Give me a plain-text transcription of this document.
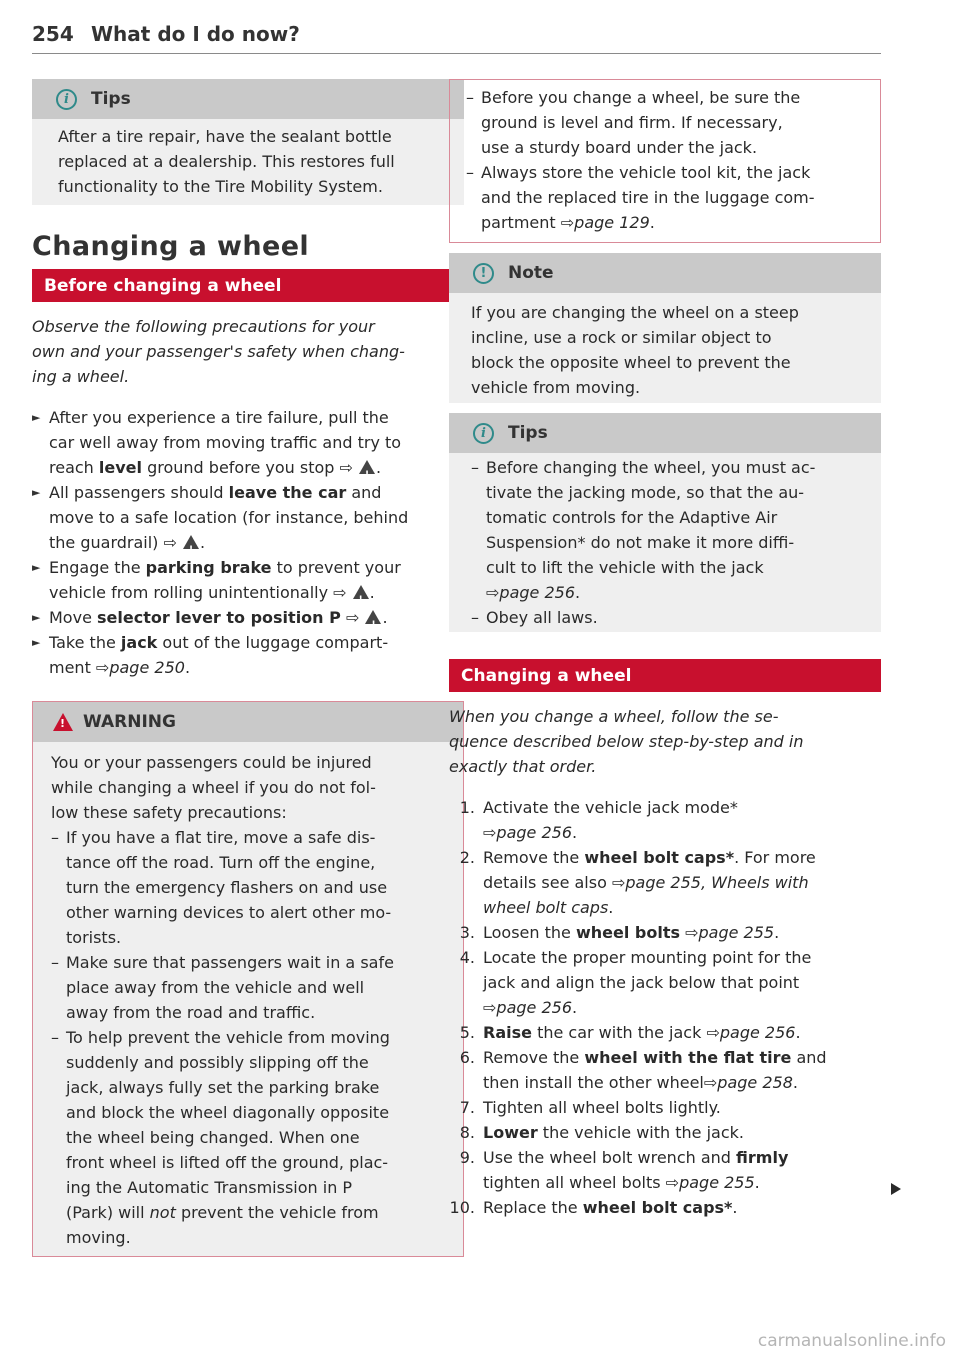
254 What do I do now?
i	Tips
After a tire repair, have the sealant bottle
replaced at a dealership. This restores full
functionality to the Tire Mobility System.
Changing a wheel
Before changing a wheel
Observe the following precautions for your
own and your passenger's safety when chang-
ing a wheel.
► After you experience a tire failure, pull the
car well away from moving traffic and try to
reach level ground before you stop ⇨ !.
► All passengers should leave the car and
move to a safe location (for instance, behind
the guardrail) ⇨ !.
► Engage the parking brake to prevent your
vehicle from rolling unintentionally ⇨ !.
► Move selector lever to position P ⇨ !.
► Take the jack out of the luggage compart-
ment ⇨page 250.
!
WARNING
You or your passengers could be injured
while changing a wheel if you do not fol-
low these safety precautions:
– If you have a flat tire, move a safe dis-
tance off the road. Turn off the engine,
turn the emergency flashers on and use
other warning devices to alert other mo-
torists.
– Make sure that passengers wait in a safe
place away from the vehicle and well
away from the road and traffic.
– To help prevent the vehicle from moving
suddenly and possibly slipping off the
jack, always fully set the parking brake
and block the wheel diagonally opposite
the wheel being changed. When one
front wheel is lifted off the ground, plac-
ing the Automatic Transmission in P
(Park) will not prevent the vehicle from
moving.
– Before you change a wheel, be sure the
ground is level and firm. If necessary,
use a sturdy board under the jack.
– Always store the vehicle tool kit, the jack
and the replaced tire in the luggage com-
partment ⇨page 129.
!	Note
If you are changing the wheel on a steep
incline, use a rock or similar object to
block the opposite wheel to prevent the
vehicle from moving.
i	Tips
– Before changing the wheel, you must ac-
tivate the jacking mode, so that the au-
tomatic controls for the Adaptive Air
Suspension* do not make it more diffi-
cult to lift the vehicle with the jack
⇨page 256.
– Obey all laws.
Changing a wheel
When you change a wheel, follow the se-
quence described below step-by-step and in
exactly that order.
1. Activate the vehicle jack mode*
⇨page 256.
2. Remove the wheel bolt caps*. For more
details see also ⇨page 255, Wheels with
wheel bolt caps.
3. Loosen the wheel bolts ⇨page 255.
4. Locate the proper mounting point for the
jack and align the jack below that point
⇨page 256.
5. Raise the car with the jack ⇨page 256.
6. Remove the wheel with the flat tire and
then install the other wheel⇨page 258.
7. Tighten all wheel bolts lightly.
8. Lower the vehicle with the jack.
9. Use the wheel bolt wrench and firmly
tighten all wheel bolts ⇨page 255.
10. Replace the wheel bolt caps*.
carmanualsonline.info
